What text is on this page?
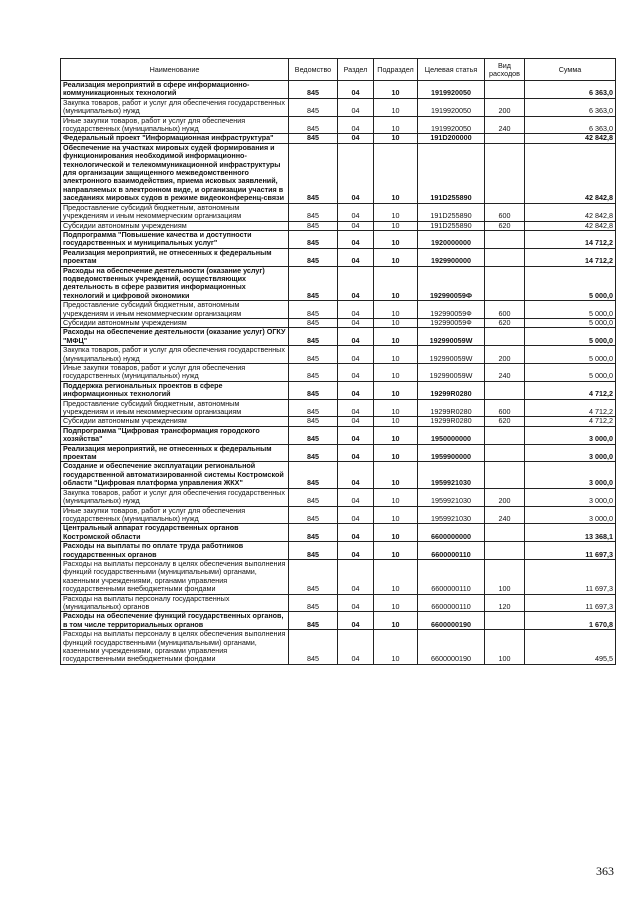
Наименование	Ведомство	Раздел	Подраздел	Целевая статья	Вид расходов	Сумма
Реализация мероприятий в сфере информационно-коммуникационных технологий	845	04	10	1919920050		6 363,0
Закупка товаров, работ и услуг для обеспечения государственных (муниципальных) нужд	845	04	10	1919920050	200	6 363,0
Иные закупки товаров, работ и услуг для обеспечения государственных (муниципальных) нужд	845	04	10	1919920050	240	6 363,0
Федеральный проект "Информационная инфраструктура"	845	04	10	191D200000		42 842,8
Обеспечение на участках мировых судей формирования и функционирования необходимой информационно-технологической и телекоммуникационной инфраструктуры для организации защищенного межведомственного электронного взаимодействия, приема исковых заявлений, направляемых в электронном виде, и организации участия в заседаниях мировых судов в режиме видеоконференц-связи	845	04	10	191D255890		42 842,8
Предоставление субсидий бюджетным, автономным учреждениям и иным некоммерческим организациям	845	04	10	191D255890	600	42 842,8
Субсидии автономным учреждениям	845	04	10	191D255890	620	42 842,8
Подпрограмма "Повышение качества и доступности государственных и муниципальных услуг"	845	04	10	1920000000		14 712,2
Реализация мероприятий, не отнесенных к федеральным проектам	845	04	10	1929900000		14 712,2
Расходы на обеспечение деятельности (оказание услуг) подведомственных учреждений, осуществляющих деятельность в сфере развития информационных технологий и цифровой экономики	845	04	10	192990059Ф		5 000,0
Предоставление субсидий бюджетным, автономным учреждениям и иным некоммерческим организациям	845	04	10	192990059Ф	600	5 000,0
Субсидии автономным учреждениям	845	04	10	192990059Ф	620	5 000,0
Расходы на обеспечение деятельности (оказание услуг) ОГКУ "МФЦ"	845	04	10	192990059W		5 000,0
Закупка товаров, работ и услуг для обеспечения государственных (муниципальных) нужд	845	04	10	192990059W	200	5 000,0
Иные закупки товаров, работ и услуг для обеспечения государственных (муниципальных) нужд	845	04	10	192990059W	240	5 000,0
Поддержка региональных проектов в сфере информационных технологий	845	04	10	19299R0280		4 712,2
Предоставление субсидий бюджетным, автономным учреждениям и иным некоммерческим организациям	845	04	10	19299R0280	600	4 712,2
Субсидии автономным учреждениям	845	04	10	19299R0280	620	4 712,2
Подпрограмма "Цифровая трансформация городского хозяйства"	845	04	10	1950000000		3 000,0
Реализация мероприятий, не отнесенных к федеральным проектам	845	04	10	1959900000		3 000,0
Создание и обеспечение эксплуатации региональной государственной автоматизированной системы Костромской области "Цифровая платформа управления ЖКХ"	845	04	10	1959921030		3 000,0
Закупка товаров, работ и услуг для обеспечения государственных (муниципальных) нужд	845	04	10	1959921030	200	3 000,0
Иные закупки товаров, работ и услуг для обеспечения государственных (муниципальных) нужд	845	04	10	1959921030	240	3 000,0
Центральный аппарат государственных органов Костромской области	845	04	10	6600000000		13 368,1
Расходы на выплаты по оплате труда работников государственных органов	845	04	10	6600000110		11 697,3
Расходы на выплаты персоналу в целях обеспечения выполнения функций государственными (муниципальными) органами, казенными учреждениями, органами управления государственными внебюджетными фондами	845	04	10	6600000110	100	11 697,3
Расходы на выплаты персоналу государственных (муниципальных) органов	845	04	10	6600000110	120	11 697,3
Расходы на обеспечение функций государственных органов, в том числе территориальных органов	845	04	10	6600000190		1 670,8
Расходы на выплаты персоналу в целях обеспечения выполнения функций государственными (муниципальными) органами, казенными учреждениями, органами управления государственными внебюджетными фондами	845	04	10	6600000190	100	495,5
363
